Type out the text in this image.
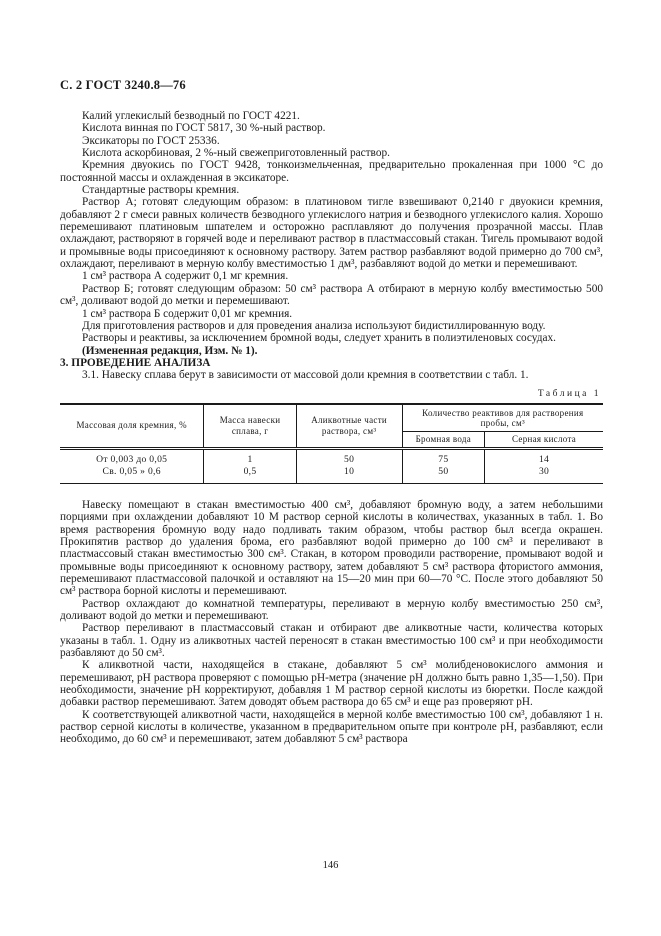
С. 2 ГОСТ 3240.8—76

Калий углекислый безводный по ГОСТ 4221.

Кислота винная по ГОСТ 5817, 30 %-ный раствор.

Эксикаторы по ГОСТ 25336.

Кислота аскорбиновая, 2 %-ный свежеприготовленный раствор.

Кремния двуокись по ГОСТ 9428, тонкоизмельченная, предварительно прокаленная при 1000 °С до постоянной массы и охлажденная в эксикаторе.

Стандартные растворы кремния.

Раствор А; готовят следующим образом: в платиновом тигле взвешивают 0,2140 г двуокиси кремния, добавляют 2 г смеси равных количеств безводного углекислого натрия и безводного углекислого калия. Хорошо перемешивают платиновым шпателем и осторожно расплавляют до получения прозрачной массы. Плав охлаждают, растворяют в горячей воде и переливают раствор в пластмассовый стакан. Тигель промывают водой и промывные воды присоединяют к основному раствору. Затем раствор разбавляют водой примерно до 700 см³, охлаждают, переливают в мерную колбу вместимостью 1 дм³, разбавляют водой до метки и перемешивают.

1 см³ раствора А содержит 0,1 мг кремния.

Раствор Б; готовят следующим образом: 50 см³ раствора А отбирают в мерную колбу вместимостью 500 см³, доливают водой до метки и перемешивают.

1 см³ раствора Б содержит 0,01 мг кремния.

Для приготовления растворов и для проведения анализа используют бидистиллированную воду.

Растворы и реактивы, за исключением бромной воды, следует хранить в полиэтиленовых сосудах.

(Измененная редакция, Изм. № 1).

3. ПРОВЕДЕНИЕ АНАЛИЗА

3.1. Навеску сплава берут в зависимости от массовой доли кремния в соответствии с табл. 1.

Таблица 1
Массовая доля кремния, %	Масса навески сплава, г	Аликвотные части раствора, см³	Количество реактивов для растворения пробы, см³	
			Бромная вода	Серная кислота
От 0,003 до 0,05	1	50	75	14
Св. 0,05 » 0,6	0,5	10	50	30

Навеску помещают в стакан вместимостью 400 см³, добавляют бромную воду, а затем небольшими порциями при охлаждении добавляют 10 М раствор серной кислоты в количествах, указанных в табл. 1. Во время растворения бромную воду надо подливать таким образом, чтобы раствор был всегда окрашен. Прокипятив раствор до удаления брома, его разбавляют водой примерно до 100 см³ и переливают в пластмассовый стакан вместимостью 300 см³. Стакан, в котором проводили растворение, промывают водой и промывные воды присоединяют к основному раствору, затем добавляют 5 см³ раствора фтористого аммония, перемешивают пластмассовой палочкой и оставляют на 15—20 мин при 60—70 °С. После этого добавляют 50 см³ раствора борной кислоты и перемешивают.

Раствор охлаждают до комнатной температуры, переливают в мерную колбу вместимостью 250 см³, доливают водой до метки и перемешивают.

Раствор переливают в пластмассовый стакан и отбирают две аликвотные части, количества которых указаны в табл. 1. Одну из аликвотных частей переносят в стакан вместимостью 100 см³ и при необходимости разбавляют до 50 см³.

К аликвотной части, находящейся в стакане, добавляют 5 см³ молибденовокислого аммония и перемешивают, pH раствора проверяют с помощью pH-метра (значение pH должно быть равно 1,35—1,50). При необходимости, значение pH корректируют, добавляя 1 М раствор серной кислоты из бюретки. После каждой добавки раствор перемешивают. Затем доводят объем раствора до 65 см³ и еще раз проверяют pH.

К соответствующей аликвотной части, находящейся в мерной колбе вместимостью 100 см³, добавляют 1 н. раствор серной кислоты в количестве, указанном в предварительном опыте при контроле pH, разбавляют, если необходимо, до 60 см³ и перемешивают, затем добавляют 5 см³ раствора

146
